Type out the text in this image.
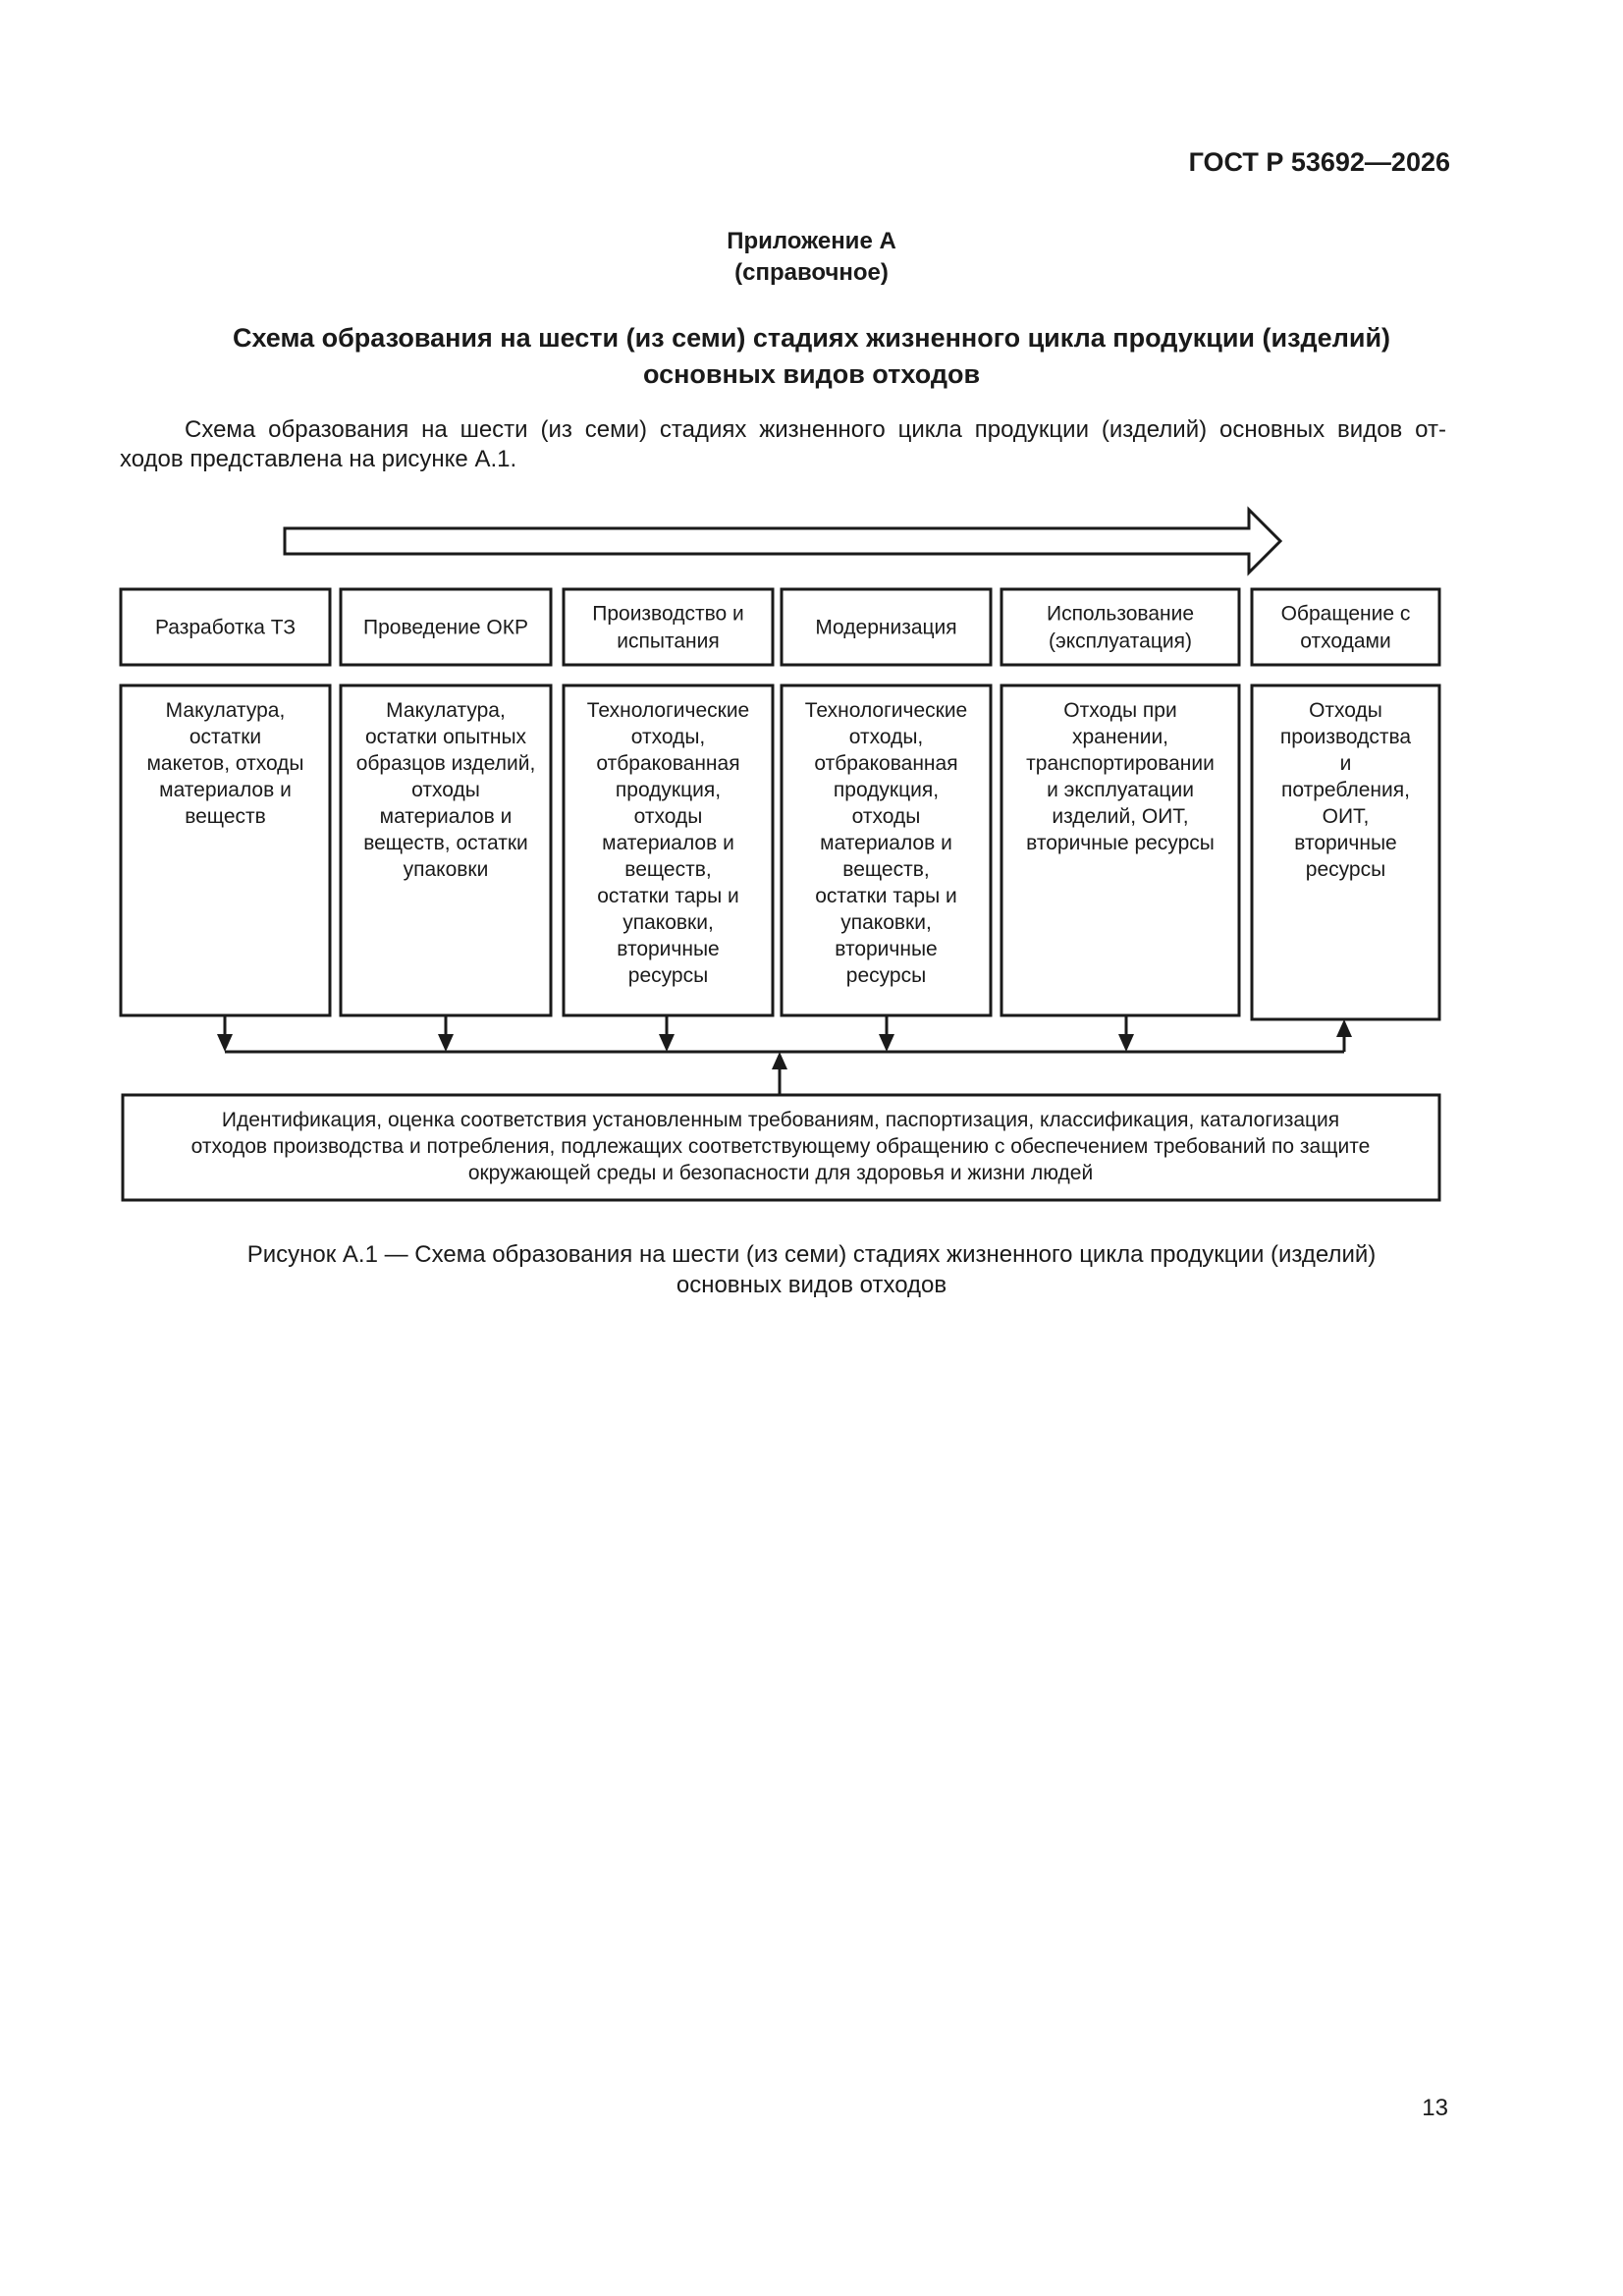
ГОСТ Р 53692—2026
Приложение А
(справочное)
Схема образования на шести (из семи) стадиях жизненного цикла продукции (изделий)
основных видов отходов
Схема образования на шести (из семи) стадиях жизненного цикла продукции (изделий) основных видов от-
ходов представлена на рисунке А.1.
Разработка ТЗ
Макулатура,
остатки
макетов, отходы
материалов и
веществ
Проведение ОКР
Макулатура,
остатки опытных
образцов изделий,
отходы
материалов и
веществ, остатки
упаковки
Производство и
испытания
Технологические
отходы,
отбракованная
продукция,
отходы
материалов и
веществ,
остатки тары и
упаковки,
вторичные
ресурсы
Модернизация
Технологические
отходы,
отбракованная
продукция,
отходы
материалов и
веществ,
остатки тары и
упаковки,
вторичные
ресурсы
Использование
(эксплуатация)
Отходы при
хранении,
транспортировании
и эксплуатации
изделий, ОИТ,
вторичные ресурсы
Обращение с
отходами
Отходы
производства
и
потребления,
ОИТ,
вторичные
ресурсы
Идентификация, оценка соответствия установленным требованиям, паспортизация, классификация, каталогизация
отходов производства и потребления, подлежащих соответствующему обращению с обеспечением требований по защите
окружающей среды и безопасности для здоровья и жизни людей
Рисунок А.1 — Схема образования на шести (из семи) стадиях жизненного цикла продукции (изделий)
основных видов отходов
13
